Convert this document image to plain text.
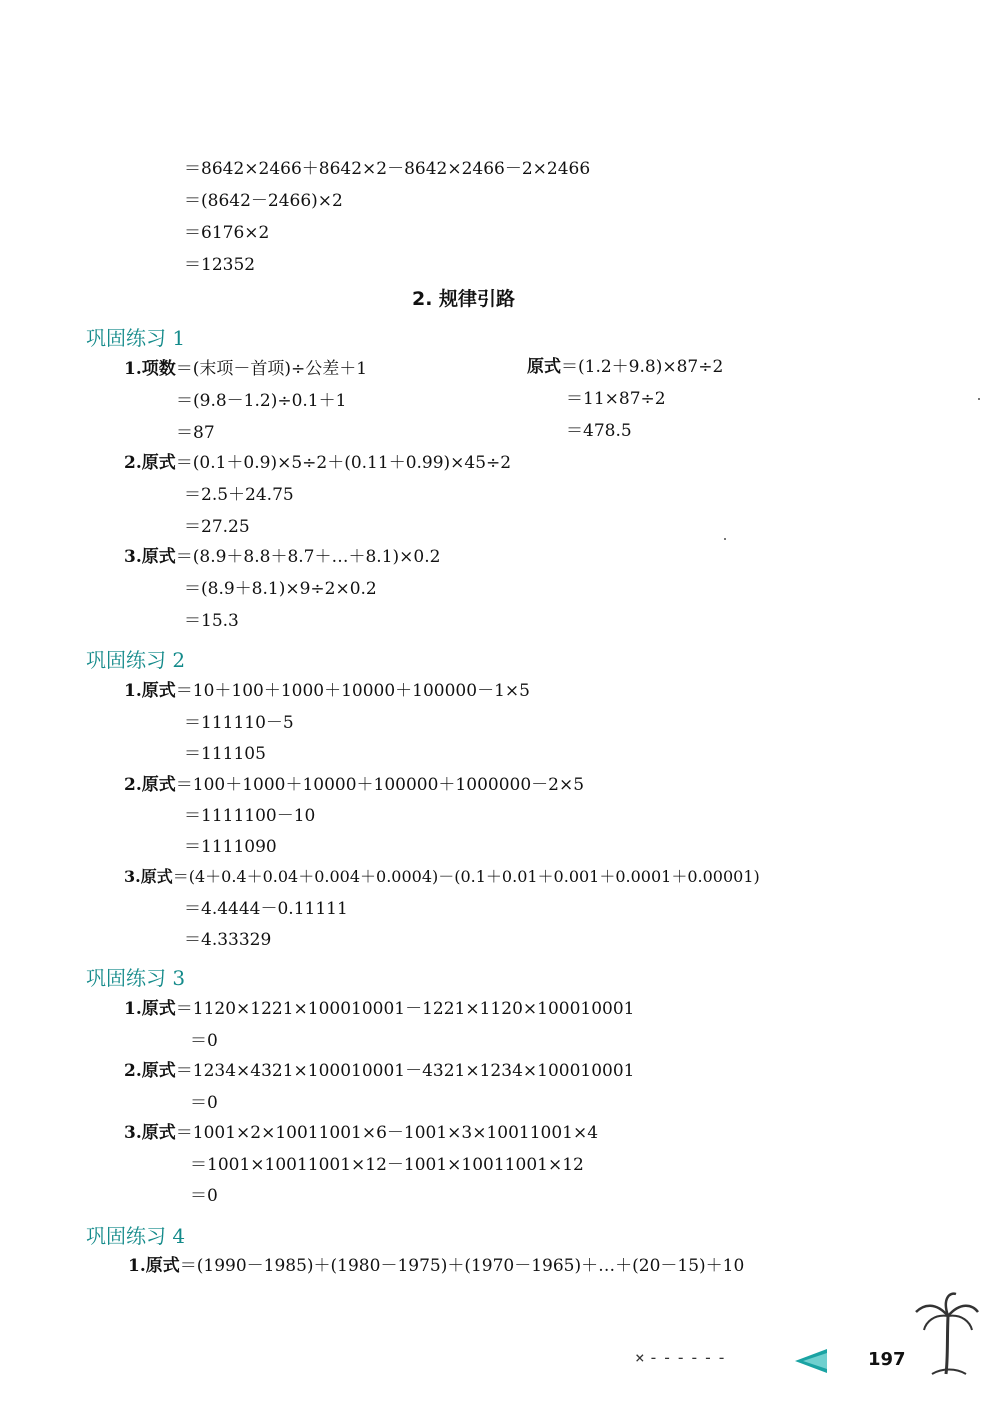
＝8642×2466＋8642×2－8642×2466－2×2466
＝(8642－2466)×2
＝6176×2
＝12352
2. 规律引路
巩固练习 1
1.项数＝(末项－首项)÷公差＋1
＝(9.8－1.2)÷0.1＋1
＝87
原式＝(1.2＋9.8)×87÷2
＝11×87÷2
＝478.5
2.原式＝(0.1＋0.9)×5÷2＋(0.11＋0.99)×45÷2
＝2.5＋24.75
＝27.25
3.原式＝(8.9＋8.8＋8.7＋…＋8.1)×0.2
＝(8.9＋8.1)×9÷2×0.2
＝15.3
巩固练习 2
1.原式＝10＋100＋1000＋10000＋100000－1×5
＝111110－5
＝111105
2.原式＝100＋1000＋10000＋100000＋1000000－2×5
＝1111100－10
＝1111090
3.原式＝(4＋0.4＋0.04＋0.004＋0.0004)－(0.1＋0.01＋0.001＋0.0001＋0.00001)
＝4.4444－0.11111
＝4.33329
巩固练习 3
1.原式＝1120×1221×100010001－1221×1120×100010001
＝0
2.原式＝1234×4321×100010001－4321×1234×100010001
＝0
3.原式＝1001×2×10011001×6－1001×3×10011001×4
＝1001×10011001×12－1001×10011001×12
＝0
巩固练习 4
1.原式＝(1990－1985)＋(1980－1975)＋(1970－1965)＋…＋(20－15)＋10
×------	197
